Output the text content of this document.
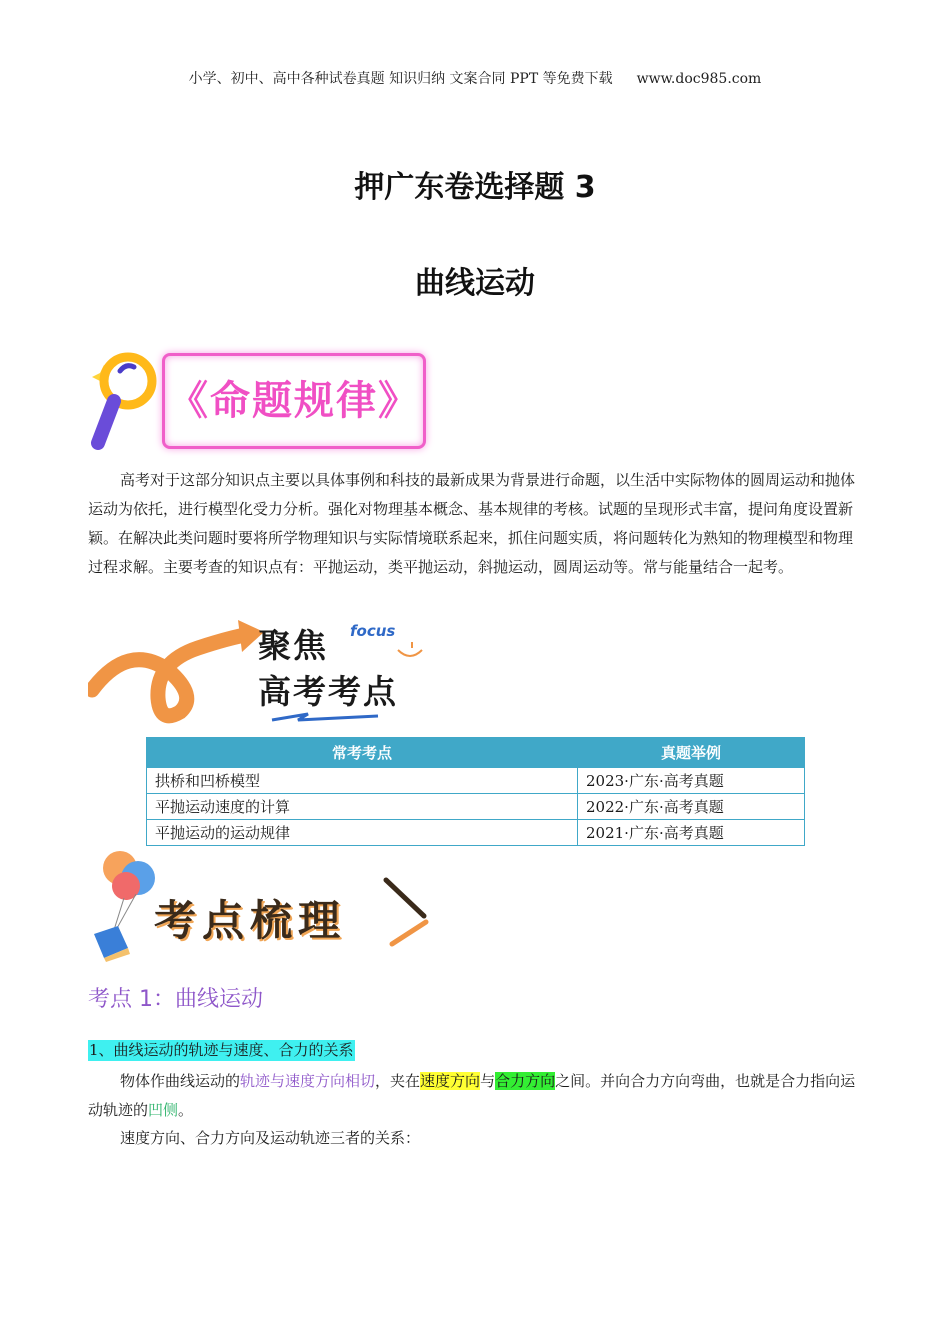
小学、初中、高中各种试卷真题 知识归纳 文案合同 PPT 等免费下载 www.doc985.com
押广东卷选择题 3
曲线运动
《命题规律》

高考对于这部分知识点主要以具体事例和科技的最新成果为背景进行命题，以生活中实际物体的圆周运动和抛体运动为依托，进行模型化受力分析。强化对物理基本概念、基本规律的考核。试题的呈现形式丰富，提问角度设置新颖。在解决此类问题时要将所学物理知识与实际情境联系起来，抓住问题实质，将问题转化为熟知的物理模型和物理过程求解。主要考查的知识点有：平抛运动，类平抛运动，斜抛运动，圆周运动等。常与能量结合一起考。

聚焦 focus
高考考点
常考考点	真题举例
拱桥和凹桥模型	2023·广东·高考真题
平抛运动速度的计算	2022·广东·高考真题
平抛运动的运动规律	2021·广东·高考真题
考点梳理
考点 1：曲线运动
1、曲线运动的轨迹与速度、合力的关系

物体作曲线运动的轨迹与速度方向相切，夹在速度方向与合力方向之间。并向合力方向弯曲，也就是合力指向运动轨迹的凹侧。

速度方向、合力方向及运动轨迹三者的关系：
